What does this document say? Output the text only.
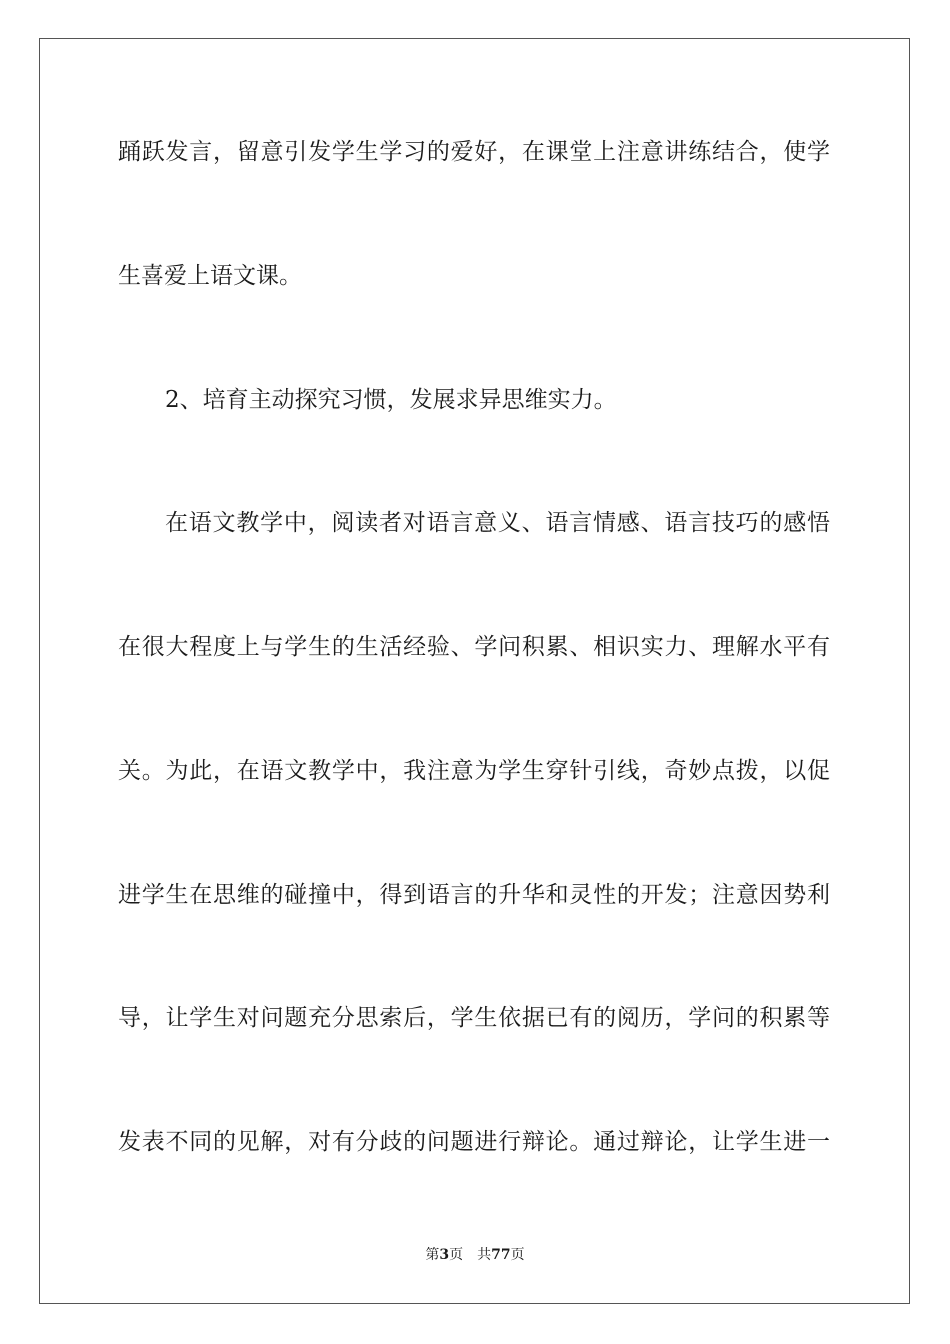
踊跃发言，留意引发学生学习的爱好，在课堂上注意讲练结合，使学
生喜爱上语文课。
2、培育主动探究习惯，发展求异思维实力。
在语文教学中，阅读者对语言意义、语言情感、语言技巧的感悟
在很大程度上与学生的生活经验、学问积累、相识实力、理解水平有
关。为此，在语文教学中，我注意为学生穿针引线，奇妙点拨，以促
进学生在思维的碰撞中，得到语言的升华和灵性的开发；注意因势利
导，让学生对问题充分思索后，学生依据已有的阅历，学问的积累等
发表不同的见解，对有分歧的问题进行辩论。通过辩论，让学生进一
第3页 共77页
